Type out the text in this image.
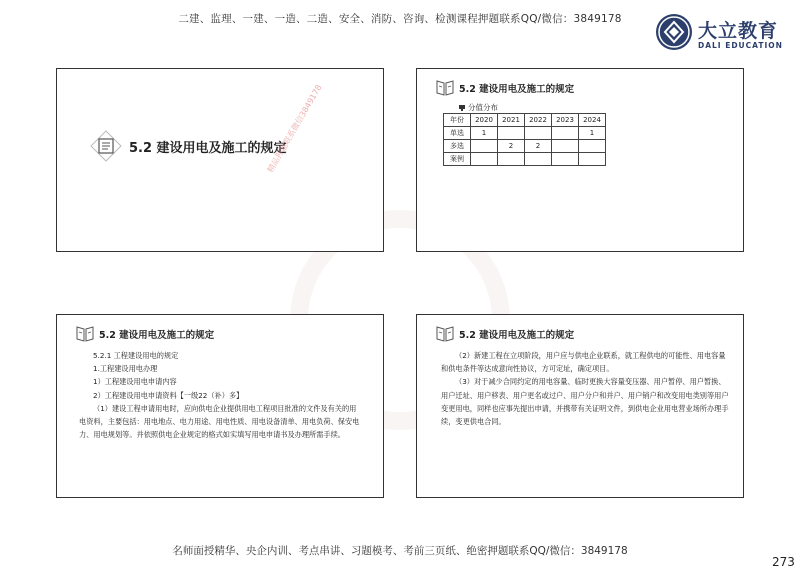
二建、监理、一建、一造、二造、安全、消防、咨询、检测课程押题联系QQ/微信：3849178
大立教育
DALI EDUCATION
5.2 建设用电及施工的规定
精品押题联系微信3849178	5.2 建设用电及施工的规定
分值分布
年份	2020	2021	2022	2023	2024
单选	1				1
多选		2	2		
案例					
5.2 建设用电及施工的规定
5.2.1 工程建设用电的规定
1.工程建设用电办理
1）工程建设用电申请内容
2）工程建设用电申请资料【一级22（补）多】
（1）建设工程申请用电时，应向供电企业提供用电工程项目批准的文件及有关的用电资料，主要包括：用电地点、电力用途、用电性质、用电设备清单、用电负荷、保安电力、用电规划等。并依照供电企业规定的格式如实填写用电申请书及办理所需手续。
5.2 建设用电及施工的规定
（2）新建工程在立项阶段，用户应与供电企业联系，就工程供电的可能性、用电容量和供电条件等达成意向性协议，方可定址，确定项目。
（3）对于减少合同约定的用电容量、临时更换大容量变压器、用户暂停、用户暂换、用户迁址、用户移表、用户更名或过户、用户分户和并户、用户销户和改变用电类别等用户变更用电，同样也应事先提出申请，并携带有关证明文件，到供电企业用电营业场所办理手续，变更供电合同。
名师面授精华、央企内训、考点串讲、习题模考、考前三页纸、绝密押题联系QQ/微信：3849178
273
